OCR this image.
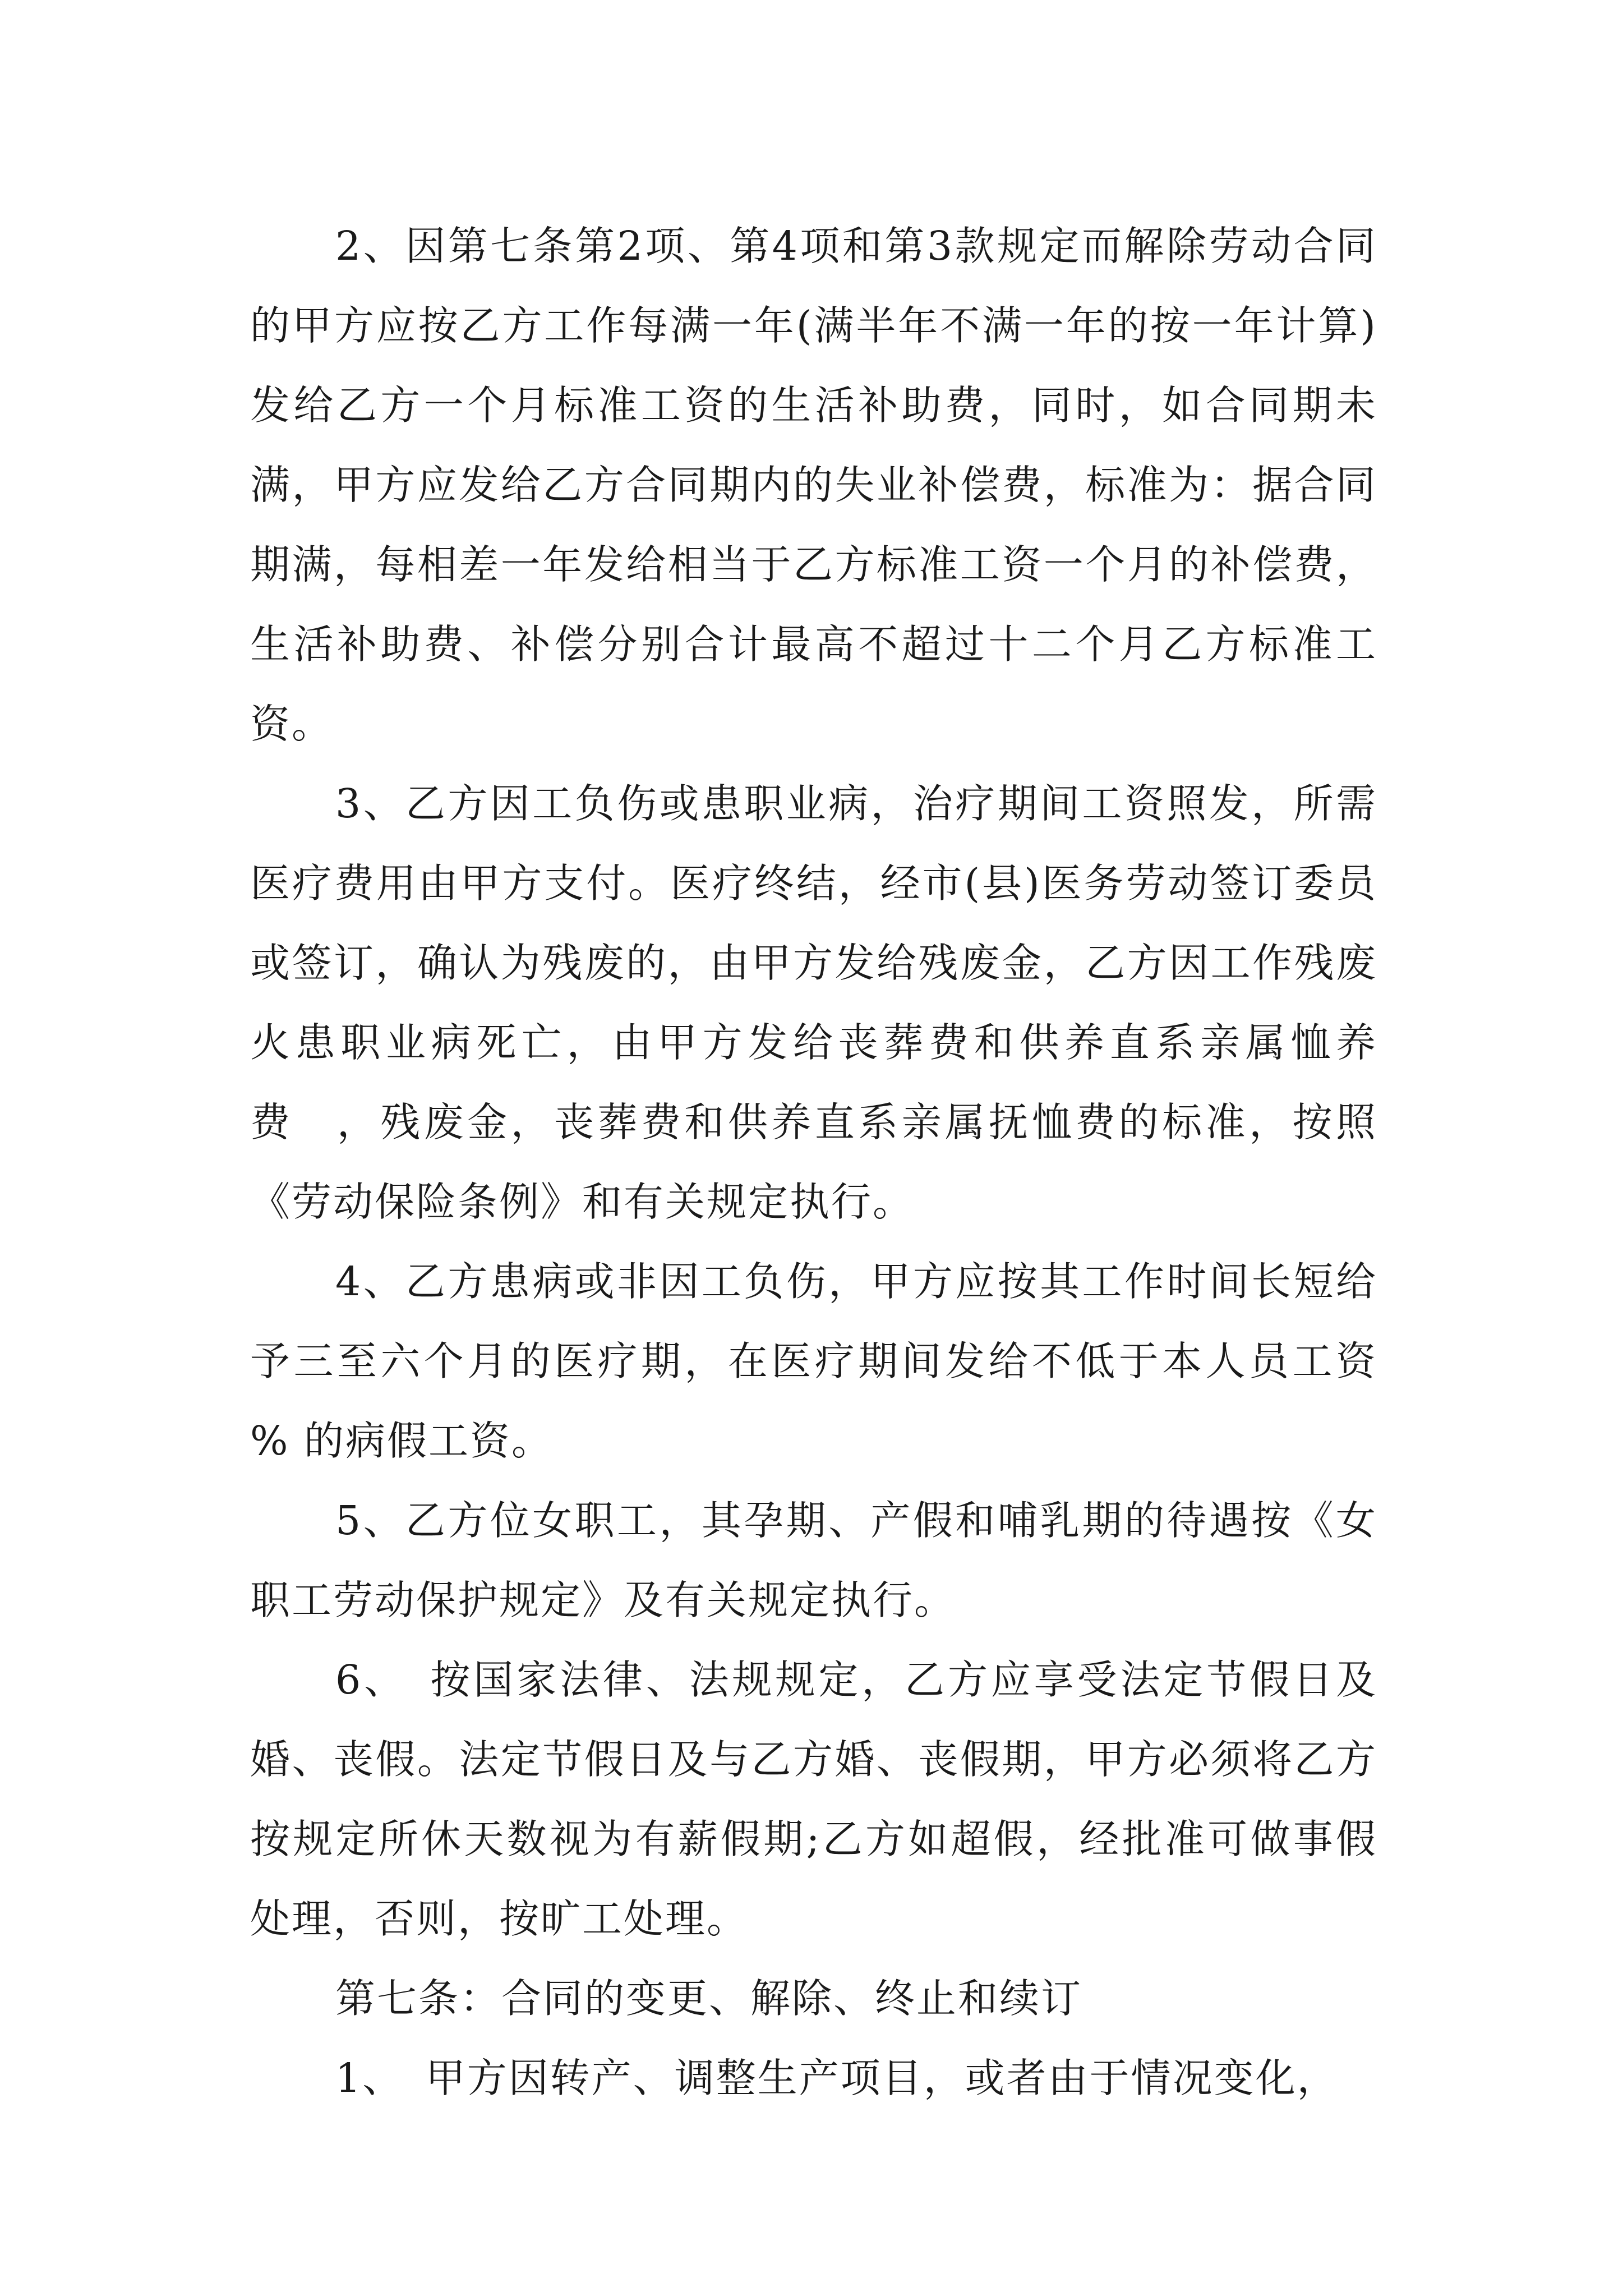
2、因第七条第2项、第4项和第3款规定而解除劳动合同的甲方应按乙方工作每满一年(满半年不满一年的按一年计算)发给乙方一个月标准工资的生活补助费，同时，如合同期未满，甲方应发给乙方合同期内的失业补偿费，标准为：据合同期满，每相差一年发给相当于乙方标准工资一个月的补偿费，生活补助费、补偿分别合计最高不超过十二个月乙方标准工资。

3、乙方因工负伤或患职业病，治疗期间工资照发，所需医疗费用由甲方支付。医疗终结，经市(县)医务劳动签订委员或签订，确认为残废的，由甲方发给残废金，乙方因工作残废火患职业病死亡，由甲方发给丧葬费和供养直系亲属恤养费　，残废金，丧葬费和供养直系亲属抚恤费的标准，按照《劳动保险条例》和有关规定执行。

4、乙方患病或非因工负伤，甲方应按其工作时间长短给予三至六个月的医疗期，在医疗期间发给不低于本人员工资　% 的病假工资。

5、乙方位女职工，其孕期、产假和哺乳期的待遇按《女职工劳动保护规定》及有关规定执行。

6、　按国家法律、法规规定，乙方应享受法定节假日及婚、丧假。法定节假日及与乙方婚、丧假期，甲方必须将乙方按规定所休天数视为有薪假期;乙方如超假，经批准可做事假处理，否则，按旷工处理。

第七条：合同的变更、解除、终止和续订

1、　甲方因转产、调整生产项目，或者由于情况变化，
